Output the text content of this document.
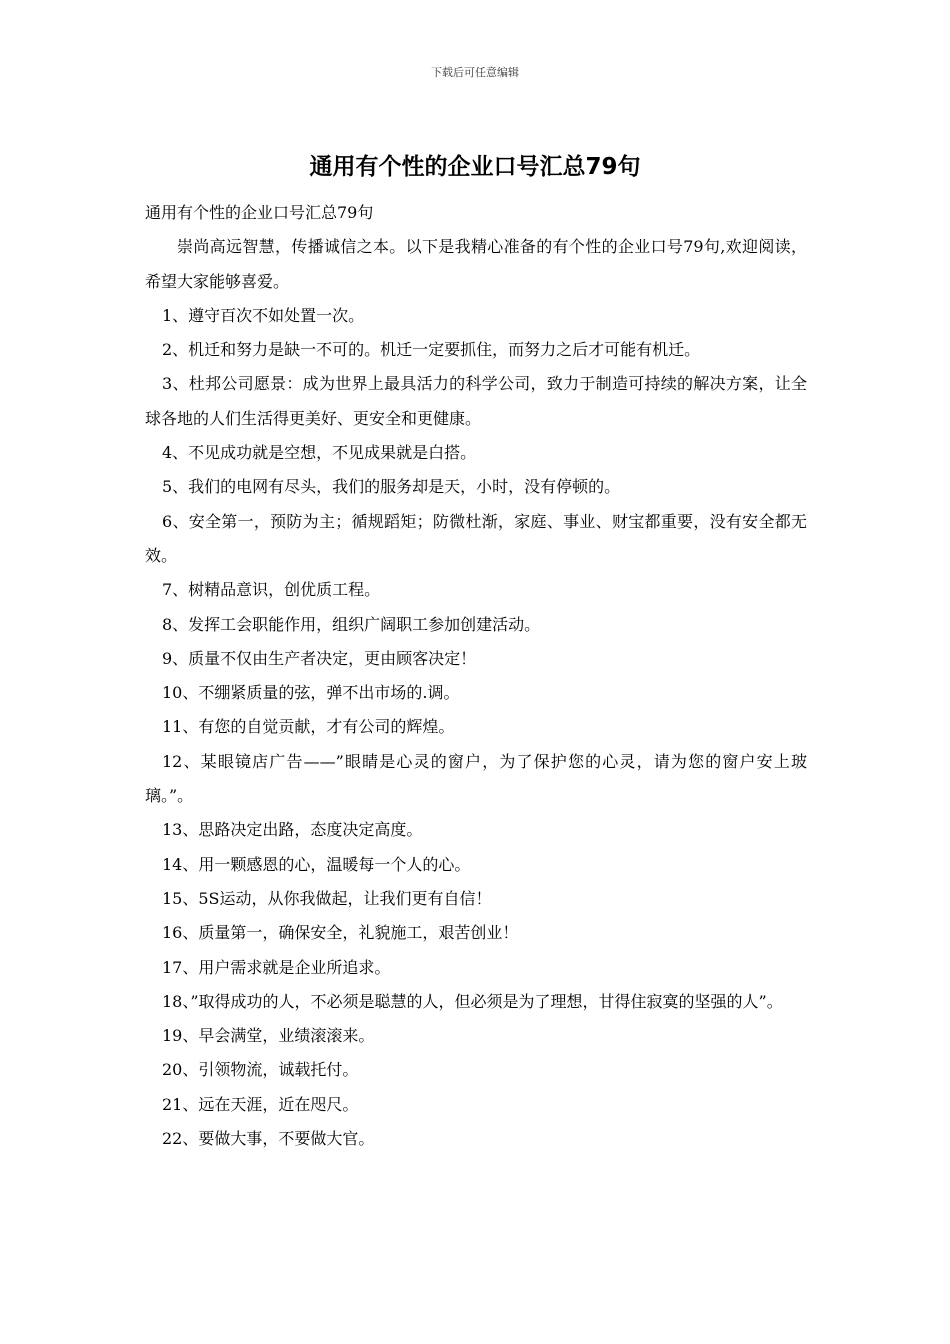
下载后可任意编辑
通用有个性的企业口号汇总79句

通用有个性的企业口号汇总79句

崇尚高远智慧，传播诚信之本。以下是我精心准备的有个性的企业口号79句,欢迎阅读，希望大家能够喜爱。

1、遵守百次不如处置一次。

2、机迁和努力是缺一不可的。机迁一定要抓住，而努力之后才可能有机迁。

3、杜邦公司愿景：成为世界上最具活力的科学公司，致力于制造可持续的解决方案，让全球各地的人们生活得更美好、更安全和更健康。

4、不见成功就是空想，不见成果就是白搭。

5、我们的电网有尽头，我们的服务却是天，小时，没有停顿的。

6、安全第一，预防为主；循规蹈矩；防微杜渐，家庭、事业、财宝都重要，没有安全都无效。

7、树精品意识，创优质工程。

8、发挥工会职能作用，组织广阔职工参加创建活动。

9、质量不仅由生产者决定，更由顾客决定！

10、不绷紧质量的弦，弹不出市场的.调。

11、有您的自觉贡献，才有公司的辉煌。

12、某眼镜店广告——”眼睛是心灵的窗户，为了保护您的心灵，请为您的窗户安上玻璃。”。

13、思路决定出路，态度决定高度。

14、用一颗感恩的心，温暖每一个人的心。

15、5S运动，从你我做起，让我们更有自信！

16、质量第一，确保安全，礼貌施工，艰苦创业！

17、用户需求就是企业所追求。

18、”取得成功的人，不必须是聪慧的人，但必须是为了理想，甘得住寂寞的坚强的人”。

19、早会满堂，业绩滚滚来。

20、引领物流，诚载托付。

21、远在天涯，近在咫尺。

22、要做大事，不要做大官。
